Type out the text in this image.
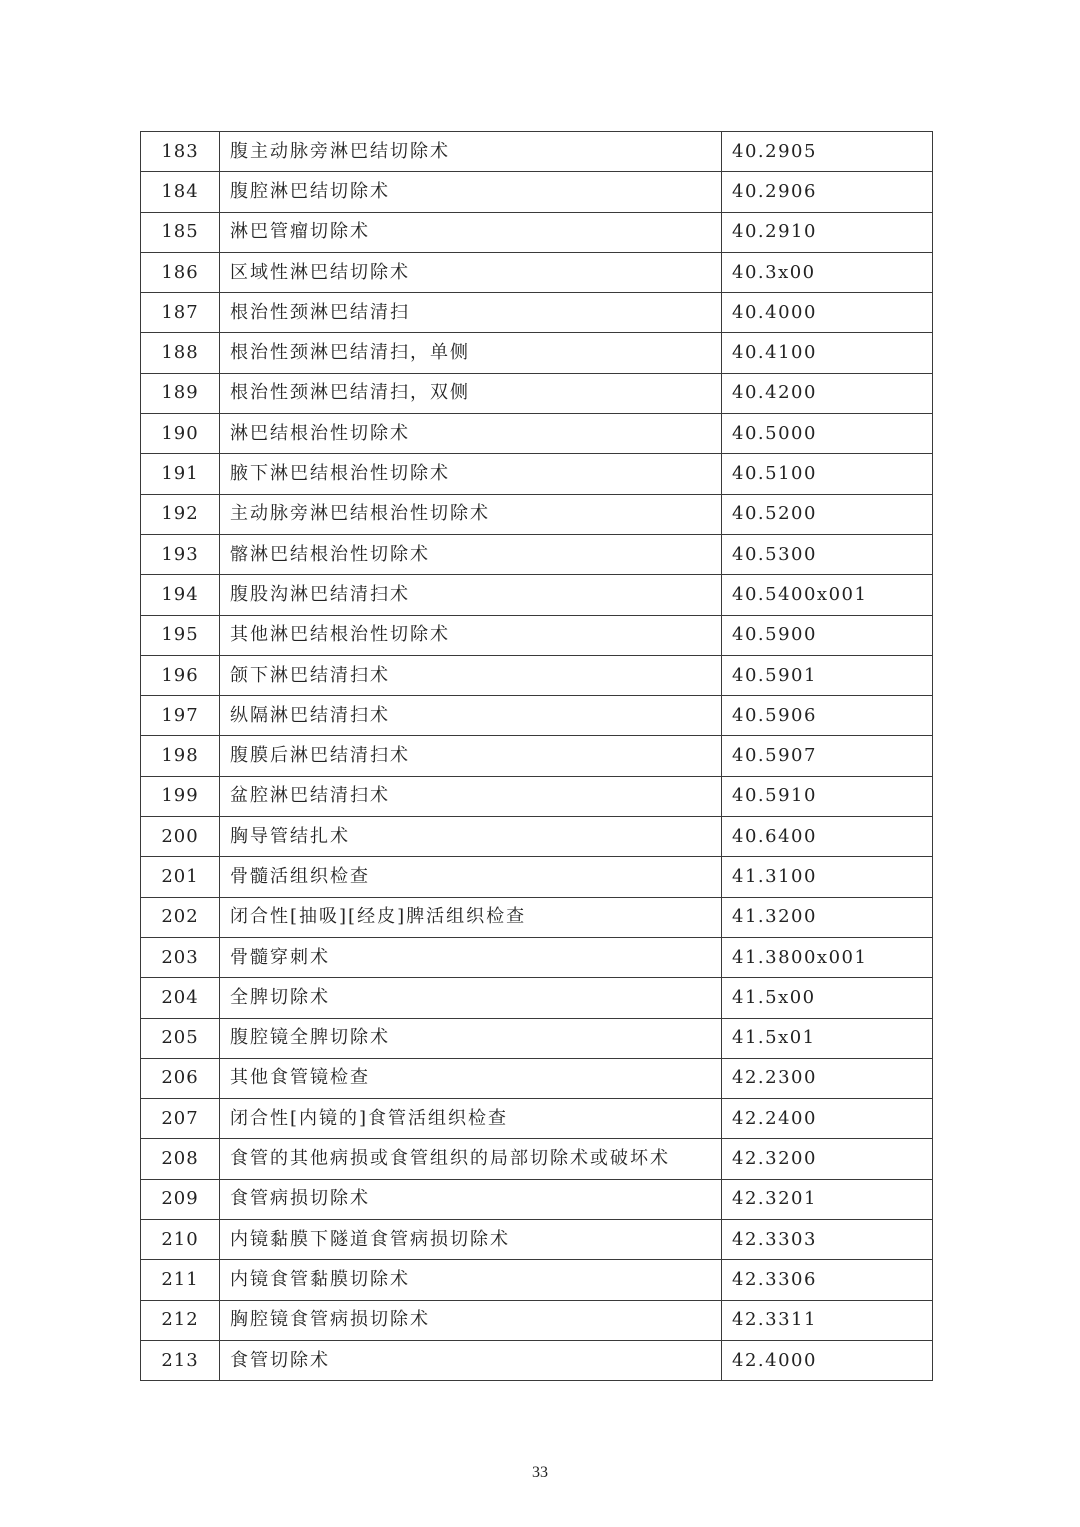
183	腹主动脉旁淋巴结切除术	40.2905
184	腹腔淋巴结切除术	40.2906
185	淋巴管瘤切除术	40.2910
186	区域性淋巴结切除术	40.3x00
187	根治性颈淋巴结清扫	40.4000
188	根治性颈淋巴结清扫，单侧	40.4100
189	根治性颈淋巴结清扫，双侧	40.4200
190	淋巴结根治性切除术	40.5000
191	腋下淋巴结根治性切除术	40.5100
192	主动脉旁淋巴结根治性切除术	40.5200
193	髂淋巴结根治性切除术	40.5300
194	腹股沟淋巴结清扫术	40.5400x001
195	其他淋巴结根治性切除术	40.5900
196	颌下淋巴结清扫术	40.5901
197	纵隔淋巴结清扫术	40.5906
198	腹膜后淋巴结清扫术	40.5907
199	盆腔淋巴结清扫术	40.5910
200	胸导管结扎术	40.6400
201	骨髓活组织检查	41.3100
202	闭合性[抽吸][经皮]脾活组织检查	41.3200
203	骨髓穿刺术	41.3800x001
204	全脾切除术	41.5x00
205	腹腔镜全脾切除术	41.5x01
206	其他食管镜检查	42.2300
207	闭合性[内镜的]食管活组织检查	42.2400
208	食管的其他病损或食管组织的局部切除术或破坏术	42.3200
209	食管病损切除术	42.3201
210	内镜黏膜下隧道食管病损切除术	42.3303
211	内镜食管黏膜切除术	42.3306
212	胸腔镜食管病损切除术	42.3311
213	食管切除术	42.4000
33
